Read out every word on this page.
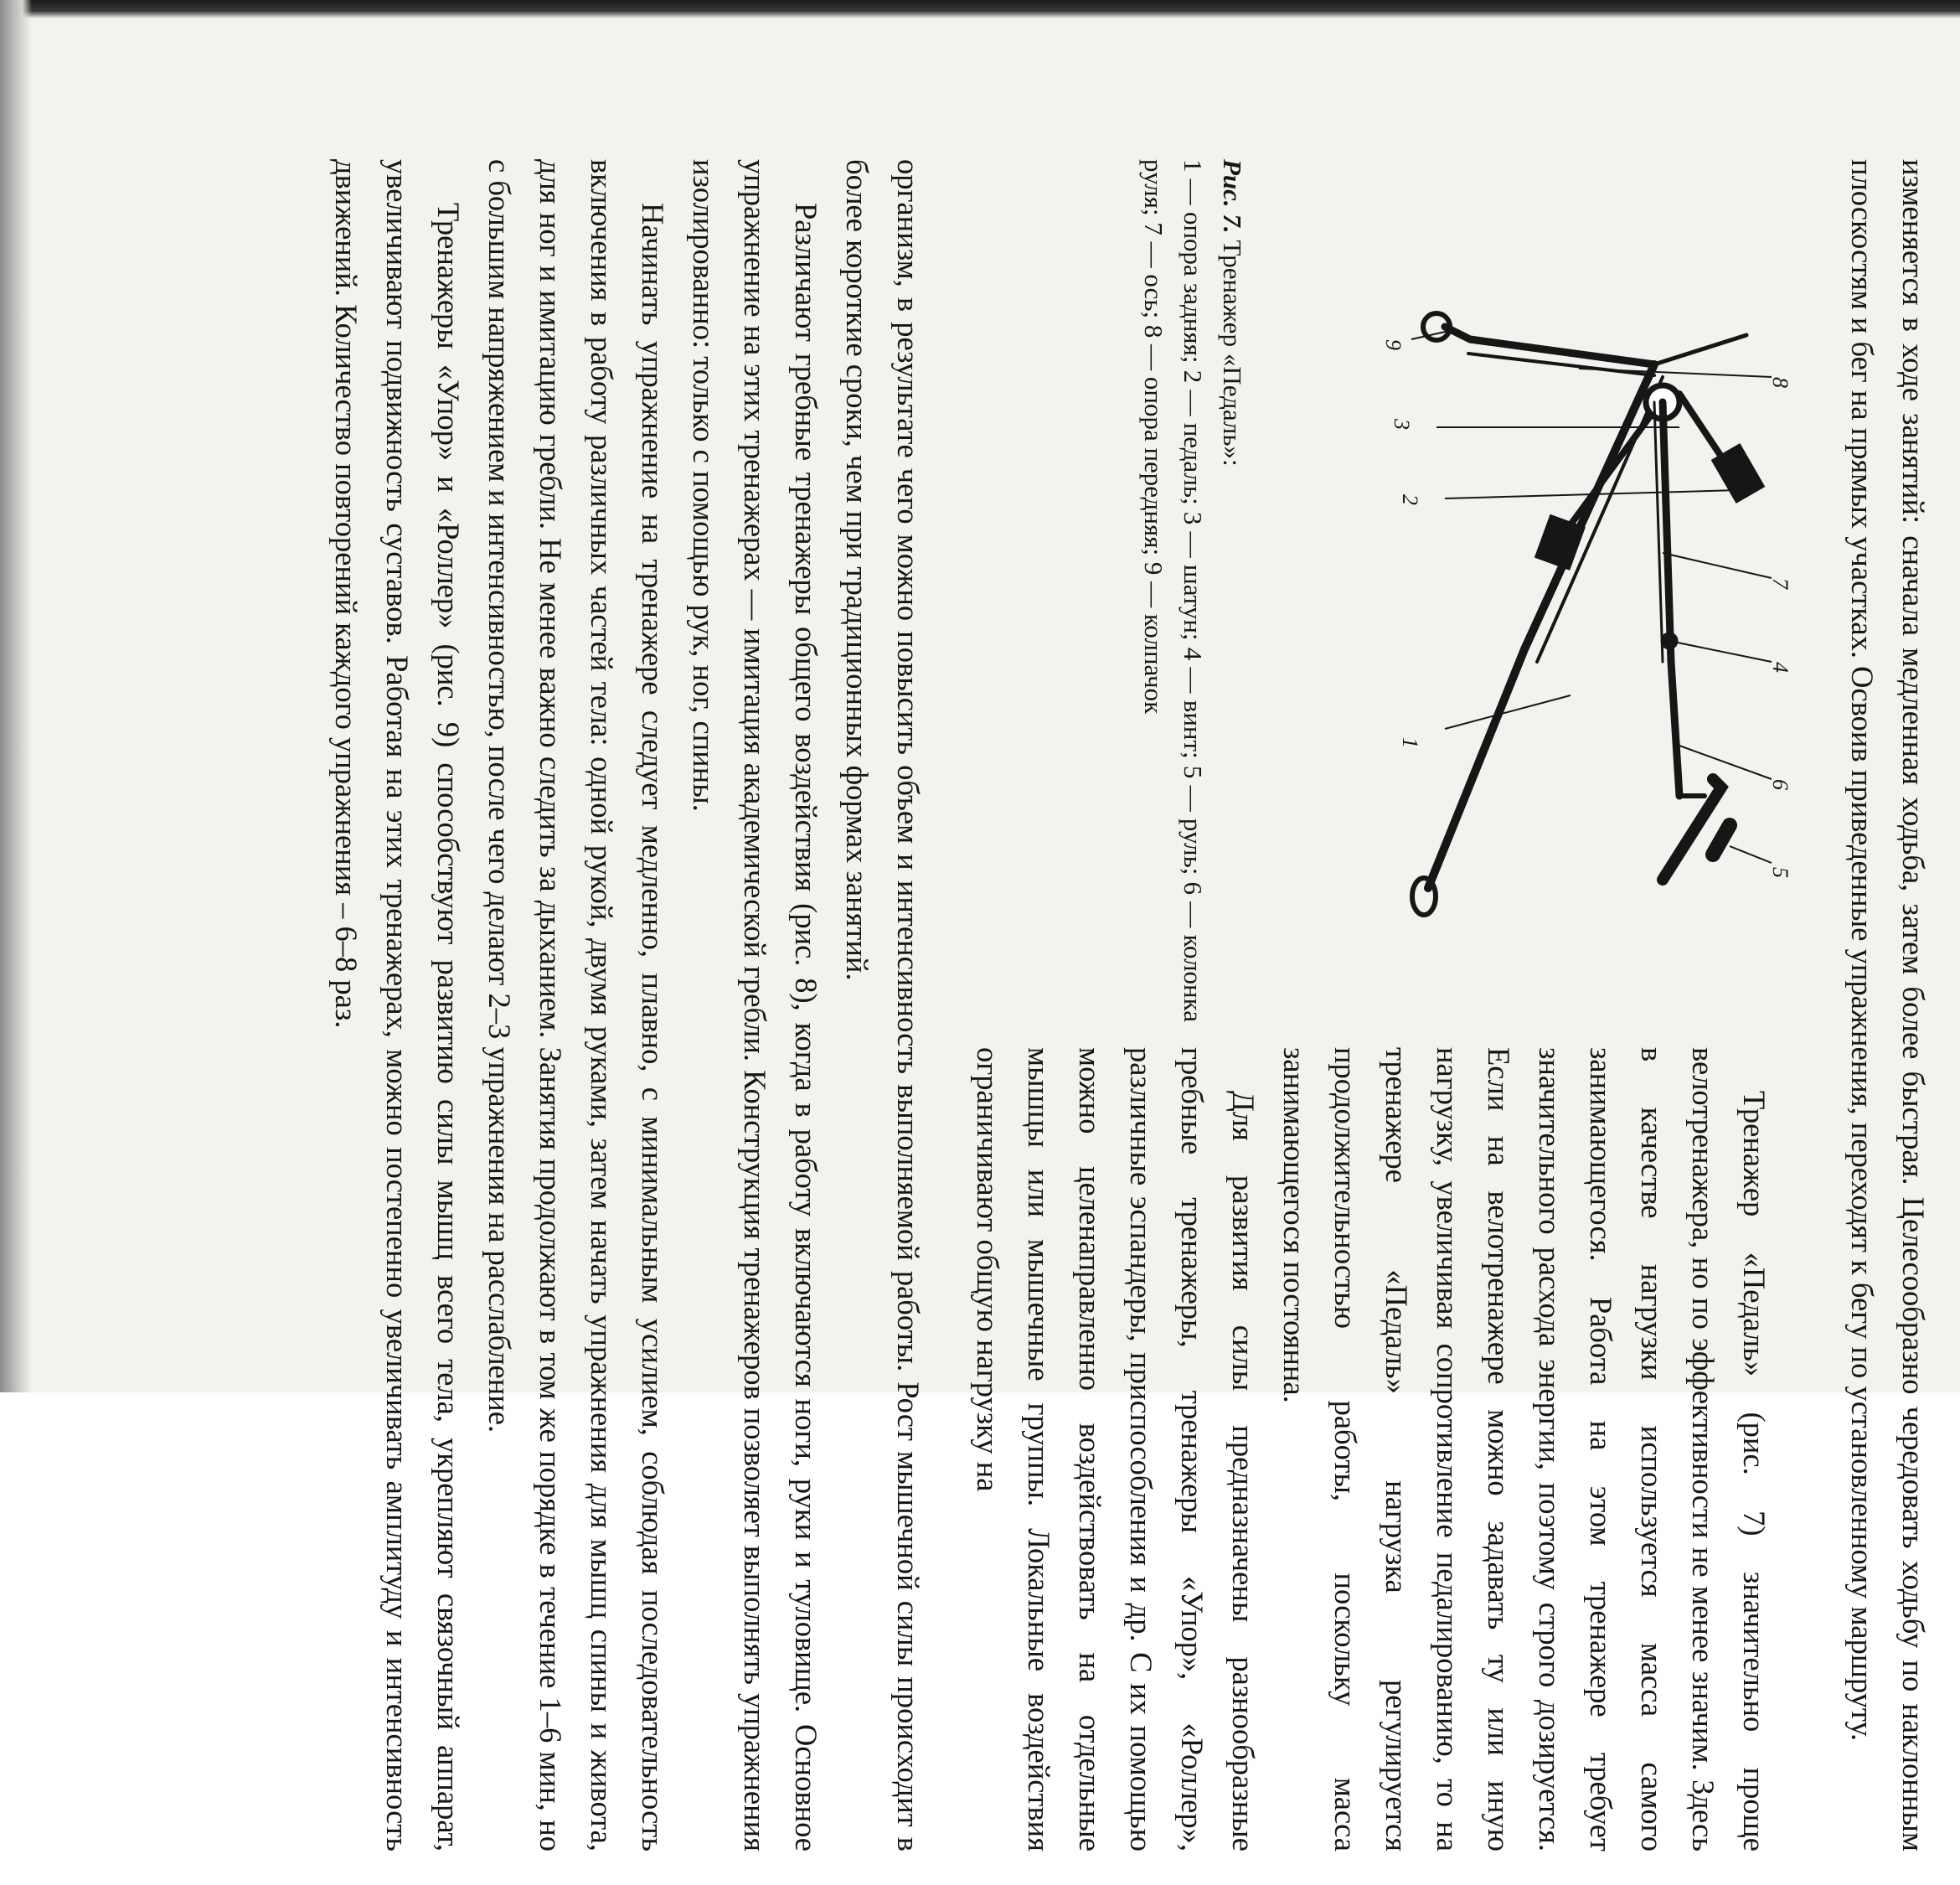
изменяется в ходе занятий: сначала медленная ходьба, затем более быстрая. Целесообразно чередовать ходьбу по наклонным плоскостям и бег на прямых участках. Освоив приведенные упражнения, переходят к бегу по установленному маршруту.

1
2
3
4
5
6
7
8
9
Рис. 7. Тренажер «Педаль»:
1 — опора задняя; 2 — педаль; 3 — шатун; 4 — винт; 5 — руль; 6 — колонка руля; 7 — ось; 8 — опора передняя; 9 — колпачок

Тренажер «Педаль» (рис. 7) значительно проще велотренажера, но по эффективности не менее значим. Здесь в качестве нагрузки используется масса самого занимающегося. Работа на этом тренажере требует значительного расхода энергии, поэтому строго дозируется. Если на велотренажере можно задавать ту или иную нагрузку, увеличивая сопротивление педалированию, то на тренажере «Педаль» нагрузка регулируется продолжительностью работы, поскольку масса занимающегося постоянна.

Для развития силы предназначены разнообразные гребные тренажеры, тренажеры «Упор», «Роллер», различные эспандеры, приспособления и др. С их помощью можно целенаправленно воздействовать на отдельные мышцы или мышечные группы. Локальные воздействия ограничивают общую нагрузку на

организм, в результате чего можно повысить объем и интенсивность выполняемой работы. Рост мышечной силы происходит в более короткие сроки, чем при традиционных формах занятий.

Различают гребные тренажеры общего воздействия (рис. 8), когда в работу включаются ноги, руки и туловище. Основное упражнение на этих тренажерах — имитация академической гребли. Конструкция тренажеров позволяет выполнять упражнения изолированно: только с помощью рук, ног, спины.

Начинать упражнение на тренажере следует медленно, плавно, с минимальным усилием, соблюдая последовательность включения в работу различных частей тела: одной рукой, двумя руками, затем начать упражнения для мышц спины и живота, для ног и имитацию гребли. Не менее важно следить за дыханием. Занятия продолжают в том же порядке в течение 1–6 мин, но с большим напряжением и интенсивностью, после чего делают 2–3 упражнения на расслабление.

Тренажеры «Упор» и «Роллер» (рис. 9) способствуют развитию силы мышц всего тела, укрепляют связочный аппарат, увеличивают подвижность суставов. Работая на этих тренажерах, можно постепенно увеличивать амплитуду и интенсивность движений. Количество повторений каждого упражнения – 6–8 раз.
